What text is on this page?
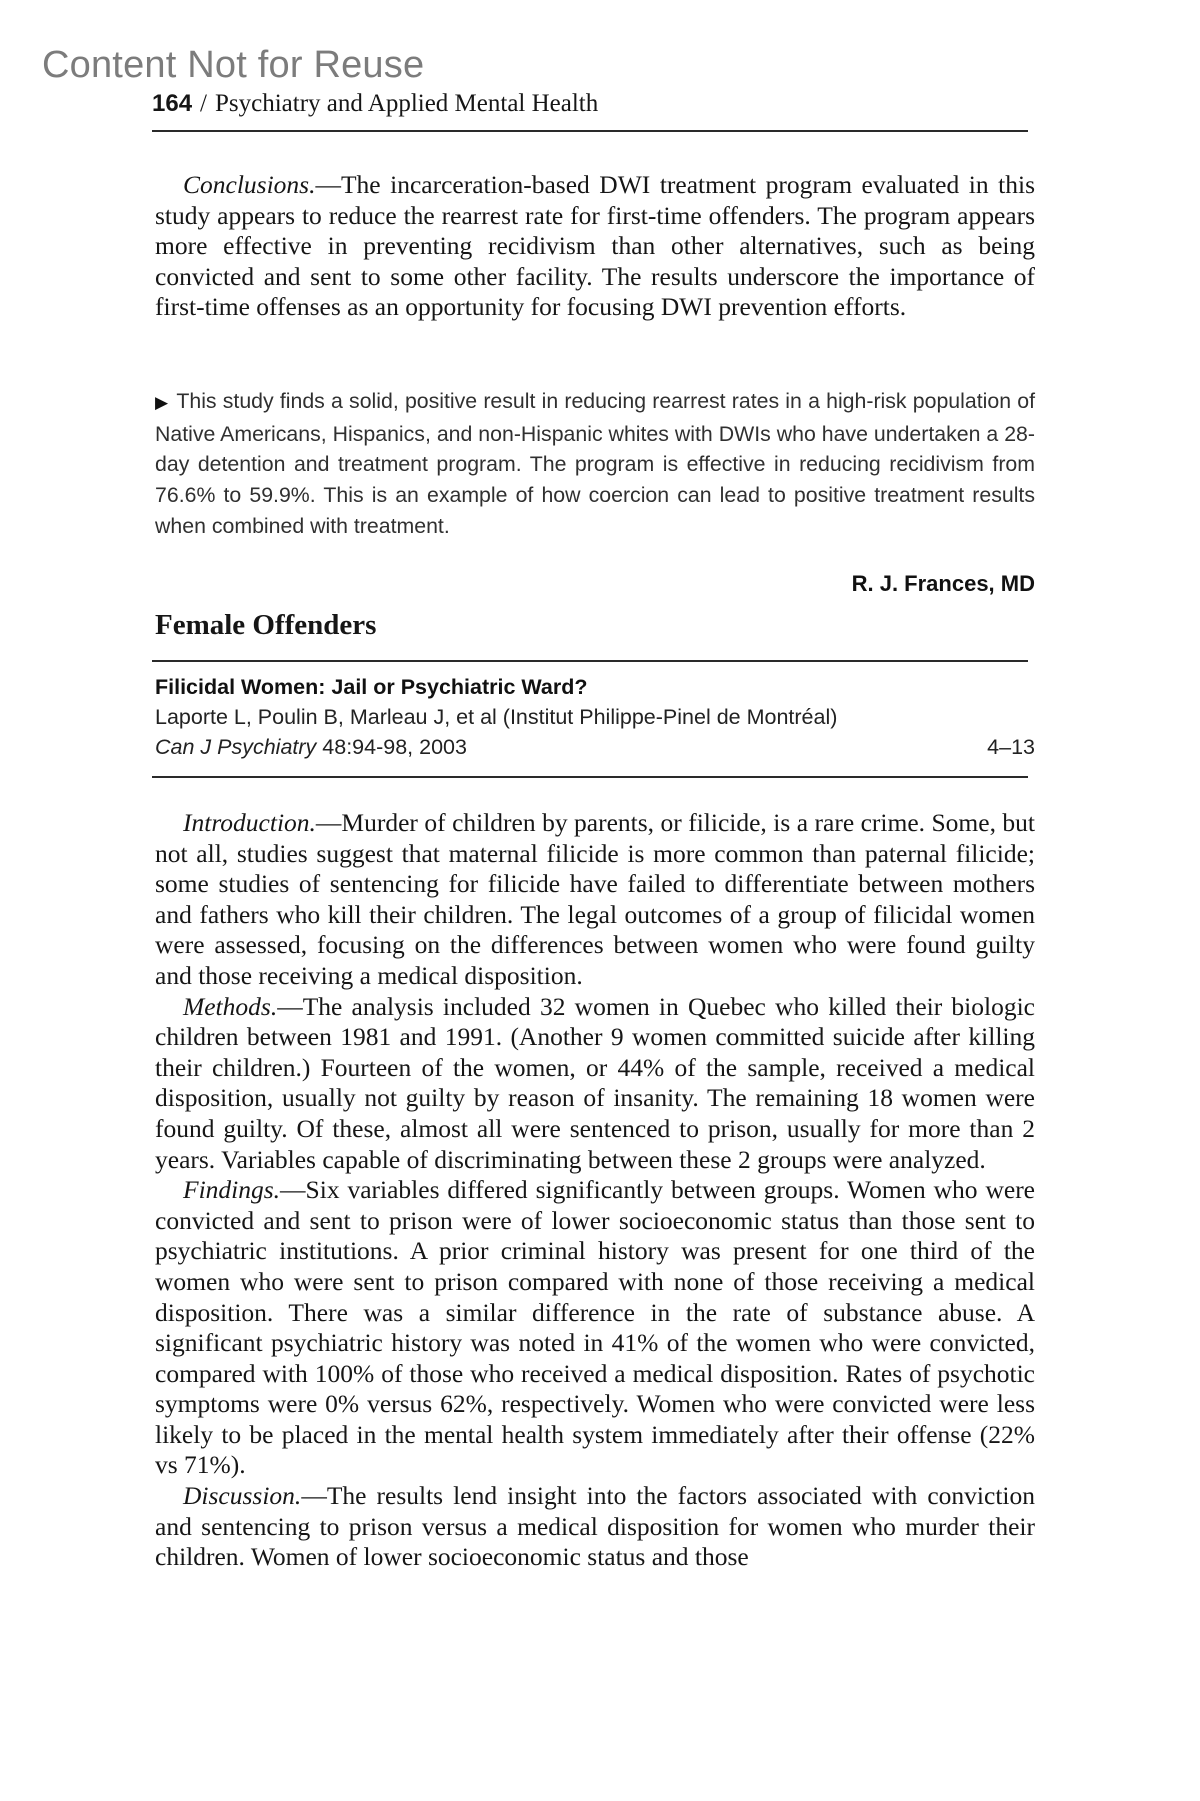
Content Not for Reuse
164 / Psychiatry and Applied Mental Health

Conclusions.—The incarceration-based DWI treatment program evaluated in this study appears to reduce the rearrest rate for first-time offenders. The program appears more effective in preventing recidivism than other alternatives, such as being convicted and sent to some other facility. The results underscore the importance of first-time offenses as an opportunity for focusing DWI prevention efforts.

▶ This study finds a solid, positive result in reducing rearrest rates in a high-risk population of Native Americans, Hispanics, and non-Hispanic whites with DWIs who have undertaken a 28-day detention and treatment program. The program is effective in reducing recidivism from 76.6% to 59.9%. This is an example of how coercion can lead to positive treatment results when combined with treatment.
R. J. Frances, MD
Female Offenders
Filicidal Women: Jail or Psychiatric Ward?
Laporte L, Poulin B, Marleau J, et al (Institut Philippe-Pinel de Montréal)
Can J Psychiatry 48:94-98, 2003	4–13

Introduction.—Murder of children by parents, or filicide, is a rare crime. Some, but not all, studies suggest that maternal filicide is more common than paternal filicide; some studies of sentencing for filicide have failed to differentiate between mothers and fathers who kill their children. The legal outcomes of a group of filicidal women were assessed, focusing on the differences between women who were found guilty and those receiving a medical disposition.

Methods.—The analysis included 32 women in Quebec who killed their biologic children between 1981 and 1991. (Another 9 women committed suicide after killing their children.) Fourteen of the women, or 44% of the sample, received a medical disposition, usually not guilty by reason of insanity. The remaining 18 women were found guilty. Of these, almost all were sentenced to prison, usually for more than 2 years. Variables capable of discriminating between these 2 groups were analyzed.

Findings.—Six variables differed significantly between groups. Women who were convicted and sent to prison were of lower socioeconomic status than those sent to psychiatric institutions. A prior criminal history was present for one third of the women who were sent to prison compared with none of those receiving a medical disposition. There was a similar difference in the rate of substance abuse. A significant psychiatric history was noted in 41% of the women who were convicted, compared with 100% of those who received a medical disposition. Rates of psychotic symptoms were 0% versus 62%, respectively. Women who were convicted were less likely to be placed in the mental health system immediately after their offense (22% vs 71%).

Discussion.—The results lend insight into the factors associated with conviction and sentencing to prison versus a medical disposition for women who murder their children. Women of lower socioeconomic status and those
